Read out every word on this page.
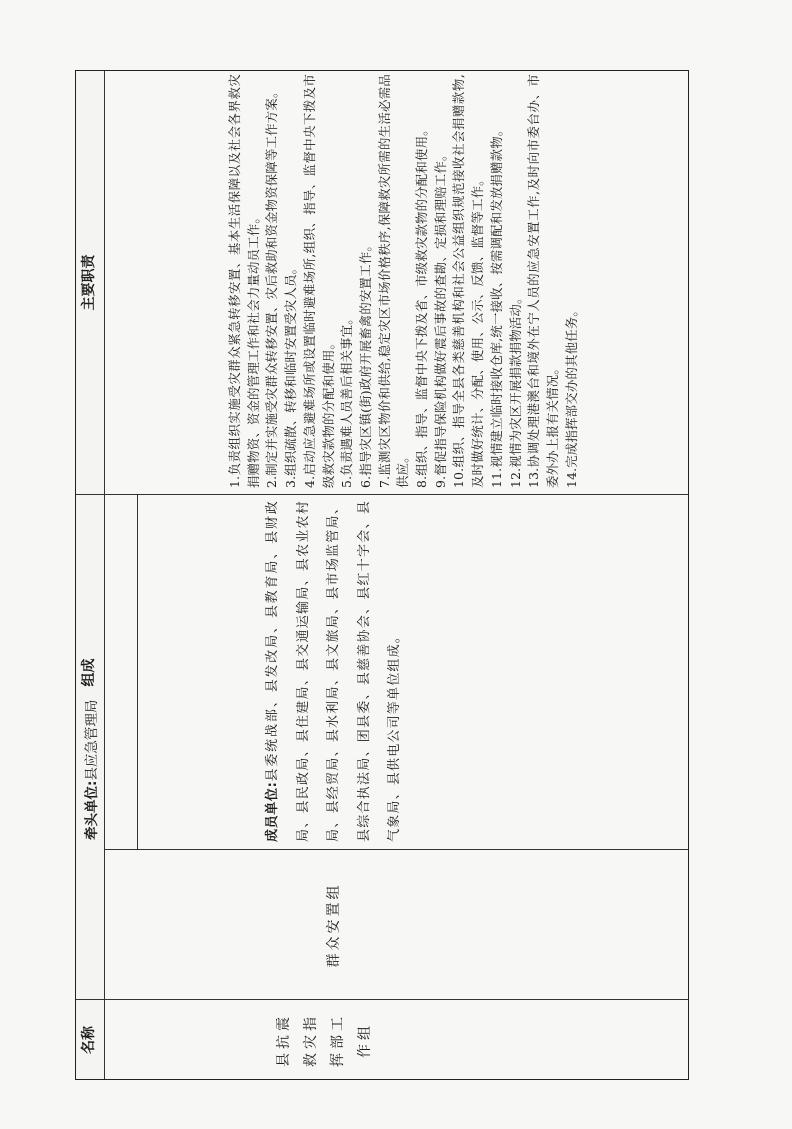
名称
组成
主要职责
县抗震救灾指挥部工作组
群众安置组
牵头单位:县应急管理局
成员单位:县委统战部、县发改局、县教育局、县财政局、县民政局、县住建局、县交通运输局、县农业农村局、县经贸局、县水利局、县文旅局、县市场监管局、县综合执法局、团县委、县慈善协会、县红十字会、县气象局、县供电公司等单位组成。
1.负责组织实施受灾群众紧急转移安置、基本生活保障以及社会各界救灾捐赠物资、资金的管理工作和社会力量动员工作。 2.制定并实施受灾群众转移安置、灾后救助和资金物资保障等工作方案。 3.组织疏散、转移和临时安置受灾人员。 4.启动应急避难场所或设置临时避难场所,组织、指导、监督中央下拨及市级救灾款物的分配和使用。 5.负责遇难人员善后相关事宜。 6.指导灾区镇(街)政府开展畜禽的安置工作。 7.监测灾区物价和供给,稳定灾区市场价格秩序,保障救灾所需的生活必需品供应。 8.组织、指导、监督中央下拨及省、市级救灾款物的分配和使用。 9.督促指导保险机构做好震后事故的查勘、定损和理赔工作。 10.组织、指导全县各类慈善机构和社会公益组织规范接收社会捐赠款物,及时做好统计、分配、使用、公示、反馈、监督等工作。 11.视情建立临时接收仓库,统一接收、按需调配和发放捐赠款物。 12.视情为灾区开展捐款捐物活动。 13.协调处理港澳台和境外在宁人员的应急安置工作,及时向市委台办、市委外办上报有关情况。 14.完成指挥部交办的其他任务。
